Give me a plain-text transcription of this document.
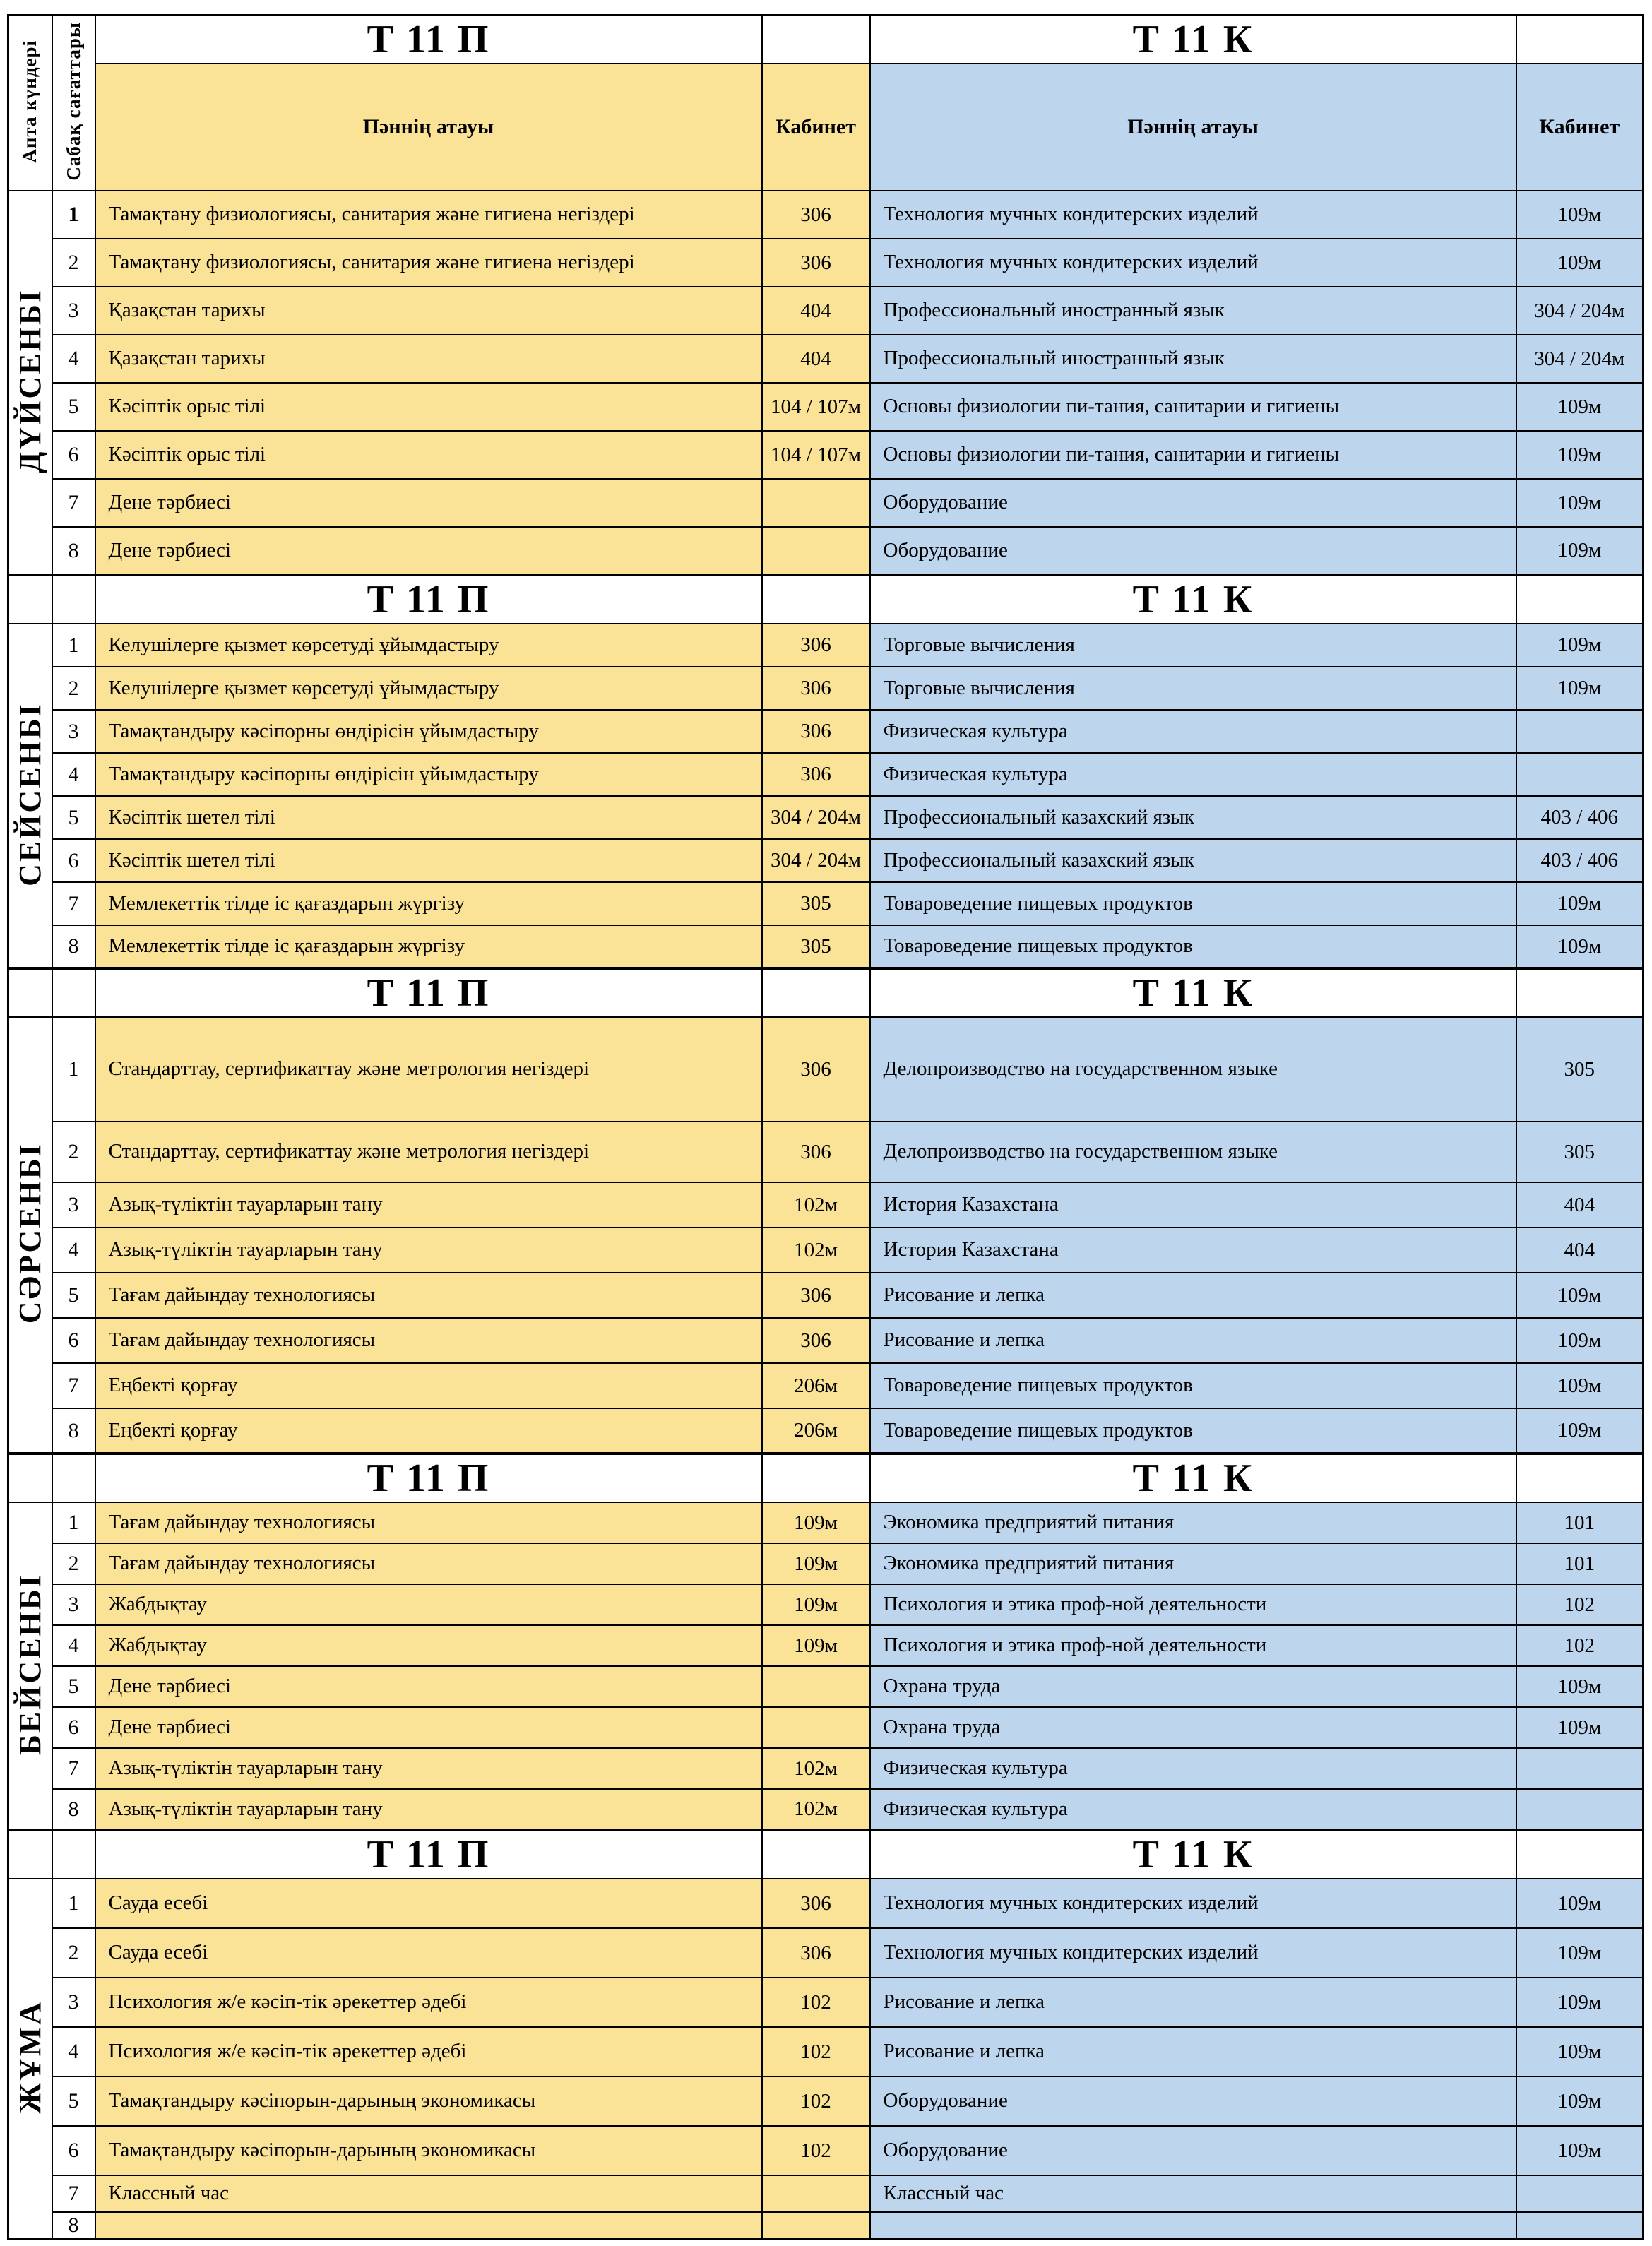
Апта күндері	Сабақ сағаттары	Т 11 П		Т 11 К	
		Пәннің атауы	Кабинет	Пәннің атауы	Кабинет
ДҮЙСЕНБІ	1	Тамақтану физиологиясы, санитария және гигиена негіздері	306	Технология мучных кондитерских изделий	109м
	2	Тамақтану физиологиясы, санитария және гигиена негіздері	306	Технология мучных кондитерских изделий	109м
	3	Қазақстан тарихы	404	Профессиональный иностранный язык	304 / 204м
	4	Қазақстан тарихы	404	Профессиональный иностранный язык	304 / 204м
	5	Кәсіптік орыс тілі	104 / 107м	Основы физиологии пи-тания, санитарии и гигиены	109м
	6	Кәсіптік орыс тілі	104 / 107м	Основы физиологии пи-тания, санитарии и гигиены	109м
	7	Дене тәрбиесі		Оборудование	109м
	8	Дене тәрбиесі		Оборудование	109м
		Т 11 П		Т 11 К	
СЕЙСЕНБІ	1	Келушілерге қызмет көрсетуді ұйымдастыру	306	Торговые вычисления	109м
	2	Келушілерге қызмет көрсетуді ұйымдастыру	306	Торговые вычисления	109м
	3	Тамақтандыру кәсіпорны өндірісін ұйымдастыру	306	Физическая культура	
	4	Тамақтандыру кәсіпорны өндірісін ұйымдастыру	306	Физическая культура	
	5	Кәсіптік шетел тілі	304 / 204м	Профессиональный казахский язык	403 / 406
	6	Кәсіптік шетел тілі	304 / 204м	Профессиональный казахский язык	403 / 406
	7	Мемлекеттік тілде іс қағаздарын жүргізу	305	Товароведение пищевых продуктов	109м
	8	Мемлекеттік тілде іс қағаздарын жүргізу	305	Товароведение пищевых продуктов	109м
		Т 11 П		Т 11 К	
СӘРСЕНБІ	1	Стандарттау, сертификаттау және метрология негіздері	306	Делопроизводство на государственном языке	305
	2	Стандарттау, сертификаттау және метрология негіздері	306	Делопроизводство на государственном языке	305
	3	Азық-түліктін тауарларын тану	102м	История Казахстана	404
	4	Азық-түліктін тауарларын тану	102м	История Казахстана	404
	5	Тағам дайындау технологиясы	306	Рисование и лепка	109м
	6	Тағам дайындау технологиясы	306	Рисование и лепка	109м
	7	Еңбекті қорғау	206м	Товароведение пищевых продуктов	109м
	8	Еңбекті қорғау	206м	Товароведение пищевых продуктов	109м
		Т 11 П		Т 11 К	
БЕЙСЕНБІ	1	Тағам дайындау технологиясы	109м	Экономика предприятий питания	101
	2	Тағам дайындау технологиясы	109м	Экономика предприятий питания	101
	3	Жабдықтау	109м	Психология и этика проф-ной деятельности	102
	4	Жабдықтау	109м	Психология и этика проф-ной деятельности	102
	5	Дене тәрбиесі		Охрана труда	109м
	6	Дене тәрбиесі		Охрана труда	109м
	7	Азық-түліктін тауарларын тану	102м	Физическая культура	
	8	Азық-түліктін тауарларын тану	102м	Физическая культура	
		Т 11 П		Т 11 К	
ЖҰМА	1	Сауда есебі	306	Технология мучных кондитерских изделий	109м
	2	Сауда есебі	306	Технология мучных кондитерских изделий	109м
	3	Психология ж/е кәсіп-тік әрекеттер әдебі	102	Рисование и лепка	109м
	4	Психология ж/е кәсіп-тік әрекеттер әдебі	102	Рисование и лепка	109м
	5	Тамақтандыру кәсіпорын-дарының экономикасы	102	Оборудование	109м
	6	Тамақтандыру кәсіпорын-дарының экономикасы	102	Оборудование	109м
	7	Классный час		Классный час	
	8				
